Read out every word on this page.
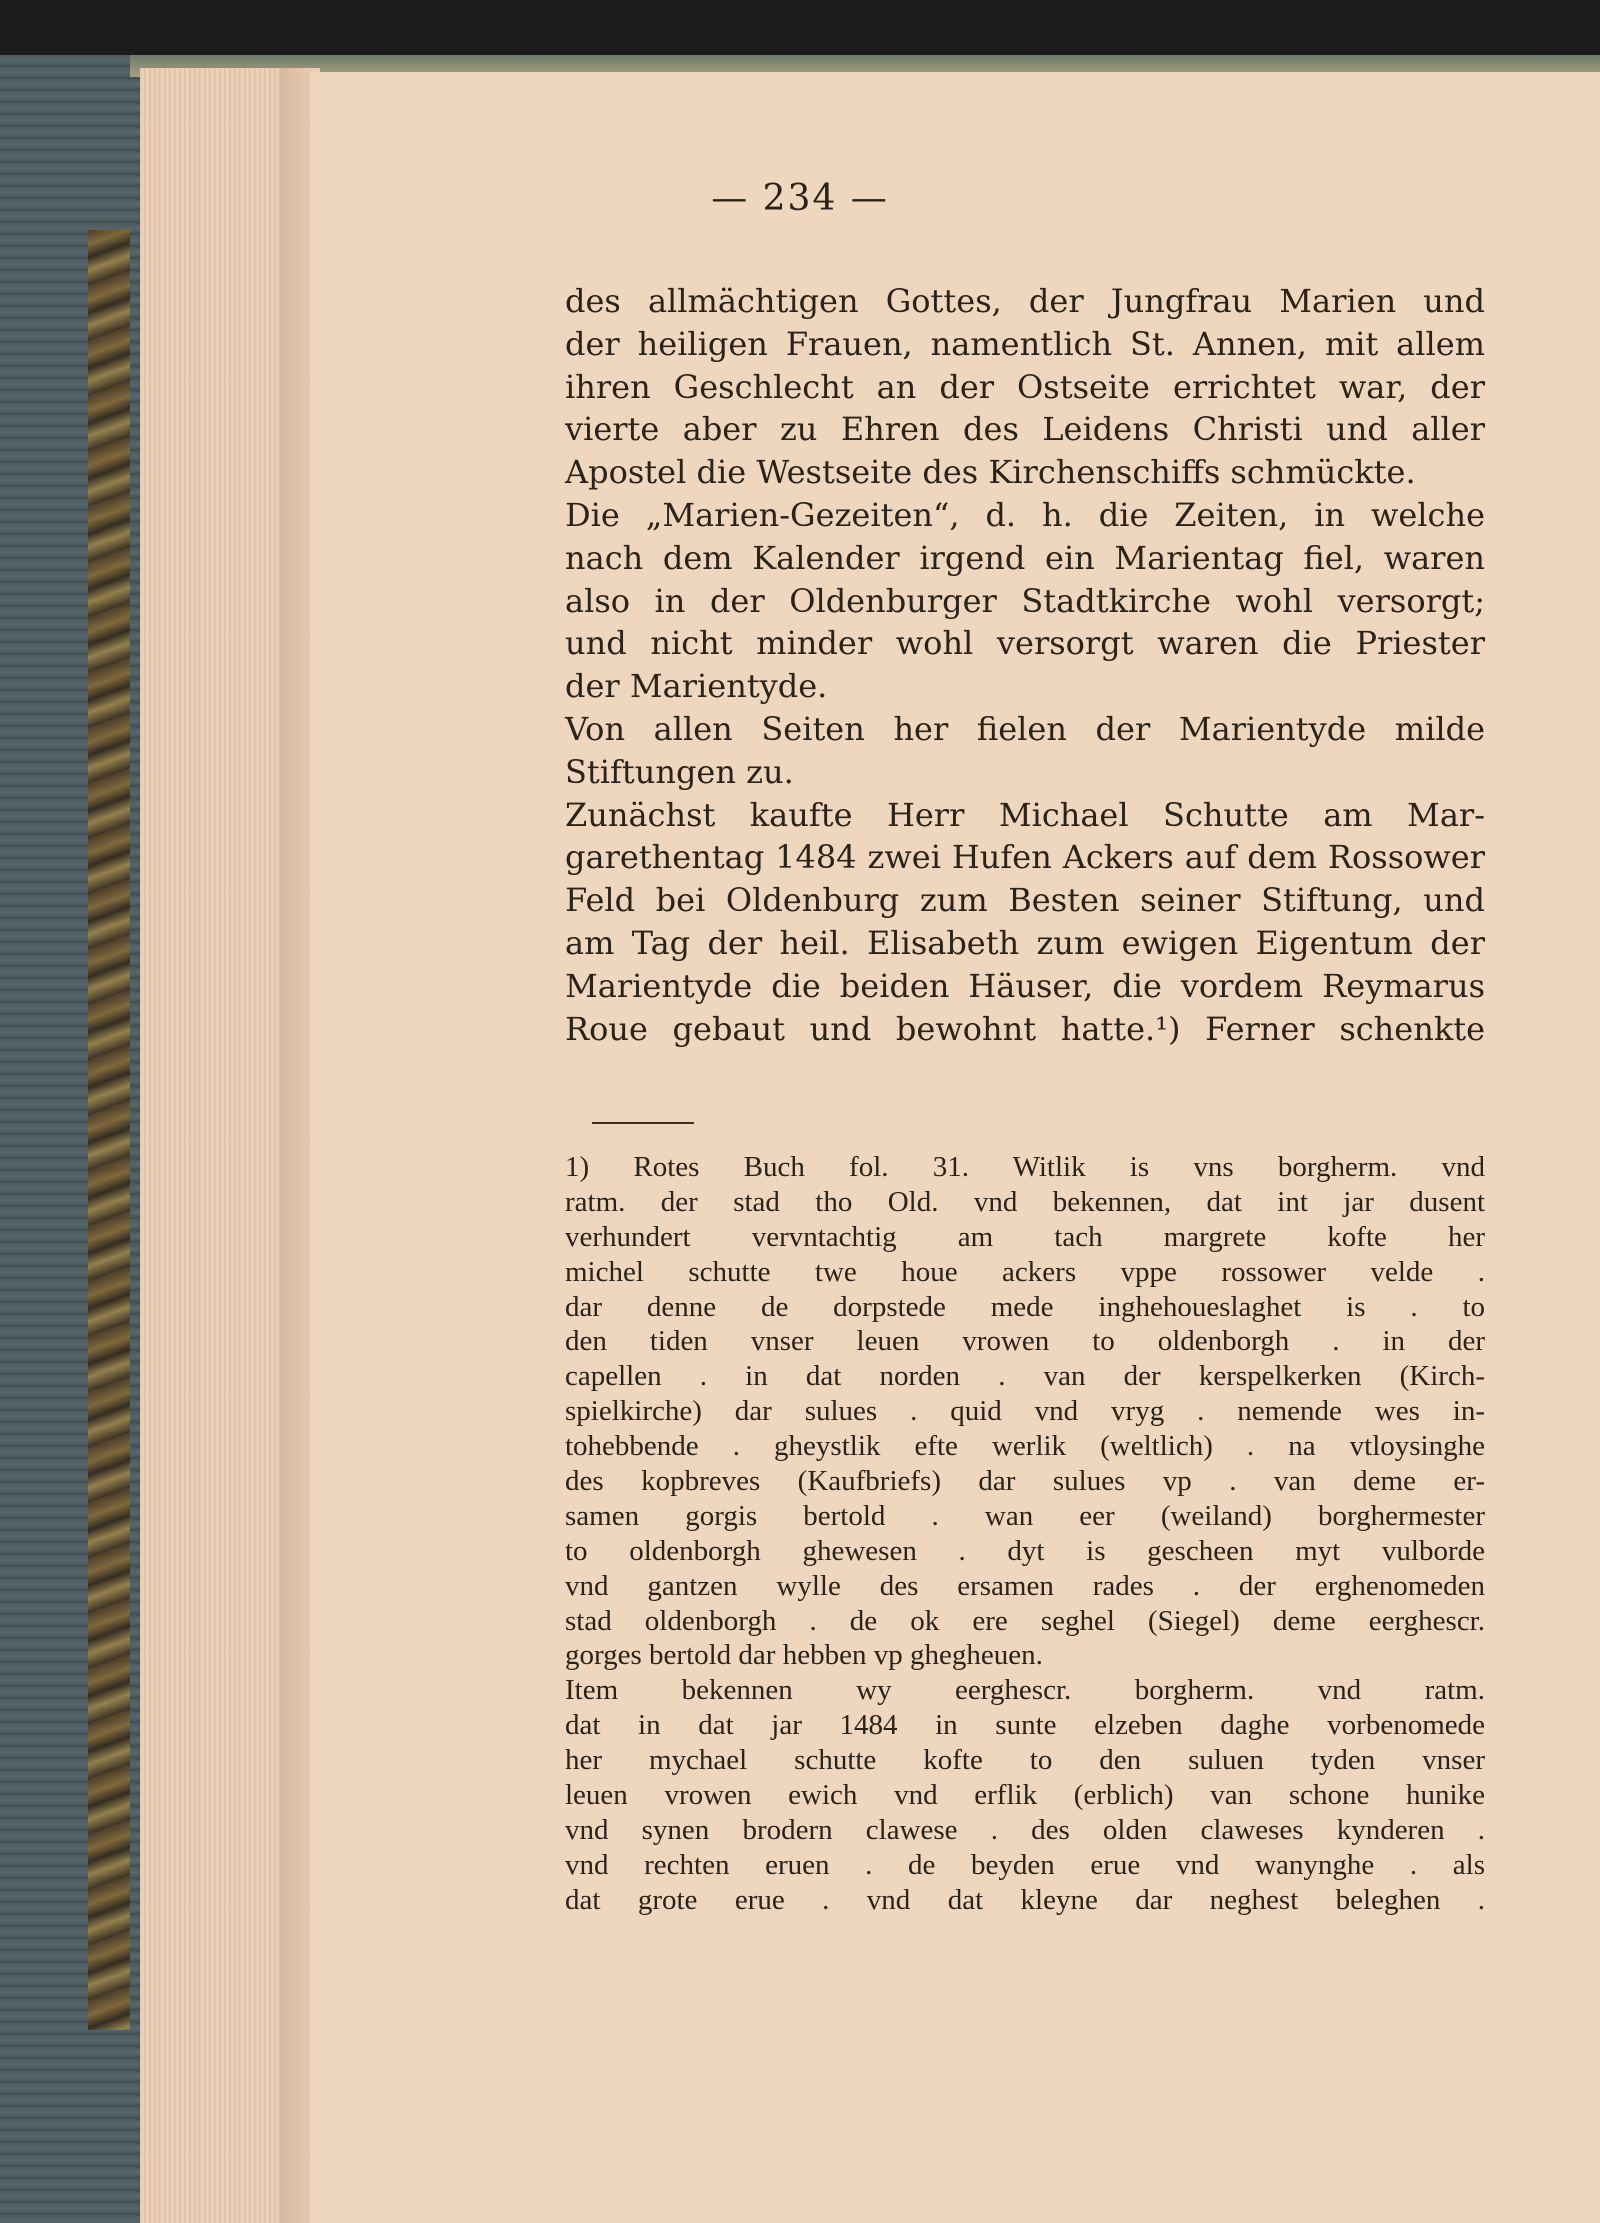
— 234 —
des allmächtigen Gottes, der Jungfrau Marien und
der heiligen Frauen, namentlich St. Annen, mit allem
ihren Geschlecht an der Ostseite errichtet war, der
vierte aber zu Ehren des Leidens Christi und aller
Apostel die Westseite des Kirchenschiffs schmückte.
Die „Marien-Gezeiten“, d. h. die Zeiten, in welche
nach dem Kalender irgend ein Marientag fiel, waren
also in der Oldenburger Stadtkirche wohl versorgt;
und nicht minder wohl versorgt waren die Priester
der Marientyde.
Von allen Seiten her fielen der Marientyde milde
Stiftungen zu.
Zunächst kaufte Herr Michael Schutte am Mar-
garethentag 1484 zwei Hufen Ackers auf dem Rossower
Feld bei Oldenburg zum Besten seiner Stiftung, und
am Tag der heil. Elisabeth zum ewigen Eigentum der
Marientyde die beiden Häuser, die vordem Reymarus
Roue gebaut und bewohnt hatte.¹) Ferner schenkte
1) Rotes Buch fol. 31. Witlik is vns borgherm. vnd
ratm. der stad tho Old. vnd bekennen, dat int jar dusent
verhundert vervntachtig am tach margrete kofte her
michel schutte twe houe ackers vppe rossower velde .
dar denne de dorpstede mede inghehoueslaghet is . to
den tiden vnser leuen vrowen to oldenborgh . in der
capellen . in dat norden . van der kerspelkerken (Kirch-
spielkirche) dar sulues . quid vnd vryg . nemende wes in-
tohebbende . gheystlik efte werlik (weltlich) . na vtloysinghe
des kopbreves (Kaufbriefs) dar sulues vp . van deme er-
samen gorgis bertold . wan eer (weiland) borghermester
to oldenborgh ghewesen . dyt is gescheen myt vulborde
vnd gantzen wylle des ersamen rades . der erghenomeden
stad oldenborgh . de ok ere seghel (Siegel) deme eerghescr.
gorges bertold dar hebben vp ghegheuen.
Item bekennen wy eerghescr. borgherm. vnd ratm.
dat in dat jar 1484 in sunte elzeben daghe vorbenomede
her mychael schutte kofte to den suluen tyden vnser
leuen vrowen ewich vnd erflik (erblich) van schone hunike
vnd synen brodern clawese . des olden claweses kynderen .
vnd rechten eruen . de beyden erue vnd wanynghe . als
dat grote erue . vnd dat kleyne dar neghest beleghen .
